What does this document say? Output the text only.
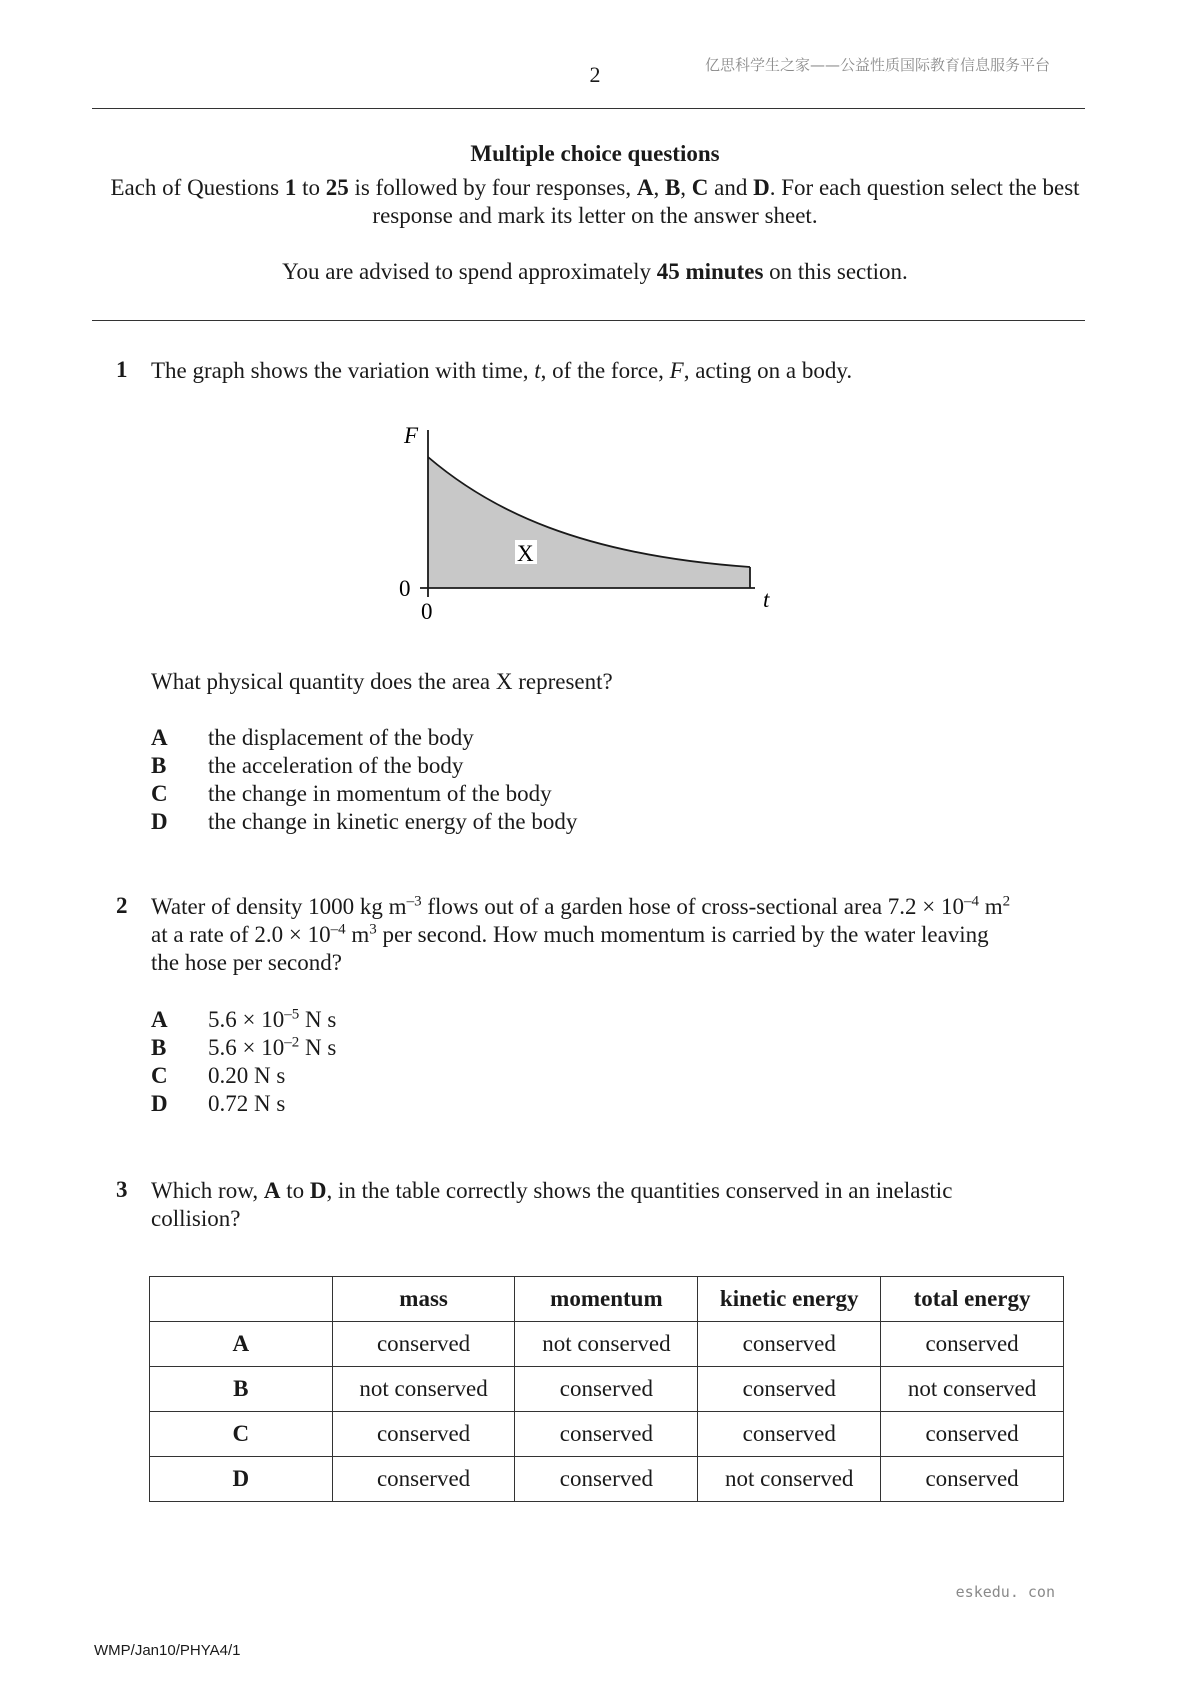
2	亿思科学生之家——公益性质国际教育信息服务平台
Multiple choice questions
Each of Questions 1 to 25 is followed by four responses, A, B, C and D. For each question select the best response and mark its letter on the answer sheet.
You are advised to spend approximately 45 minutes on this section.
1 The graph shows the variation with time, t, of the force, F, acting on a body.
F
0
0	t
X
What physical quantity does the area X represent?
A	the displacement of the body
B	the acceleration of the body
C	the change in momentum of the body
D	the change in kinetic energy of the body
2 Water of density 1000 kg $m^{-3}$ flows out of a garden hose of cross-sectional area $7.2 \times 10^{-4}$ $m^2$
at a rate of $2.0 \times 10^{-4}$ $m^3$ per second. How much momentum is carried by the water leaving
the hose per second?
A	$5.6 \times 10^{-5}$ N s
B	$5.6 \times 10^{-2}$ N s
C	0.20 N s
D	0.72 N s
3 Which row, A to D, in the table correctly shows the quantities conserved in an inelastic
collision?
	mass	momentum	kinetic energy	total energy
A	conserved	not conserved	conserved	conserved
B	not conserved	conserved	conserved	not conserved
C	conserved	conserved	conserved	conserved
D	conserved	conserved	not conserved	conserved
eskedu. con
WMP/Jan10/PHYA4/1
